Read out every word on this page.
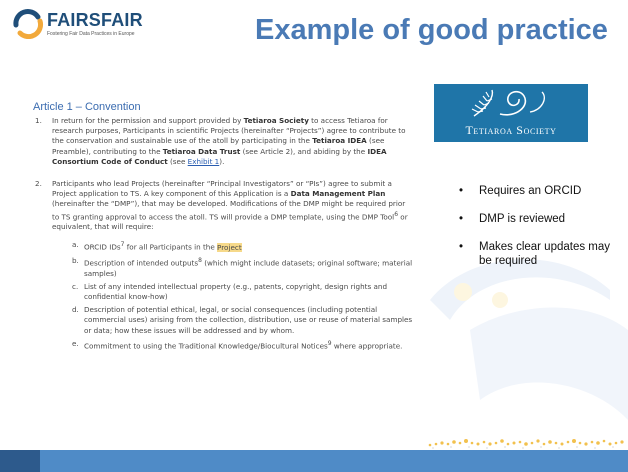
FAIRSFAIR
Fostering Fair Data Practices in Europe	Example of good practice
Article 1 – Convention
1. In return for the permission and support provided by Tetiaroa Society to access Tetiaroa for research purposes, Participants in scientific Projects (hereinafter “Projects”) agree to contribute to the conservation and sustainable use of the atoll by participating in the Tetiaroa IDEA (see Preamble), contributing to the Tetiaroa Data Trust (see Article 2), and abiding by the IDEA Consortium Code of Conduct (see Exhibit 1).
2. Participants who lead Projects (hereinafter “Principal Investigators” or “PIs”) agree to submit a Project application to TS. A key component of this Application is a Data Management Plan (hereinafter the “DMP”), that may be developed. Modifications of the DMP might be required prior to TS granting approval to access the atoll. TS will provide a DMP template, using the DMP Tool$^6$ or equivalent, that will require:
a. ORCID IDs$^7$ for all Participants in the Project
b. Description of intended outputs$^8$ (which might include datasets; original software; material samples)
c. List of any intended intellectual property (e.g., patents, copyright, design rights and confidential know-how)
d. Description of potential ethical, legal, or social consequences (including potential commercial uses) arising from the collection, distribution, use or reuse of material samples or data; how these issues will be addressed and by whom.
e. Commitment to using the Traditional Knowledge/Biocultural Notices$^9$ where appropriate.
Tetiaroa Society
• Requires an ORCID
• DMP is reviewed
• Makes clear updates may be required
